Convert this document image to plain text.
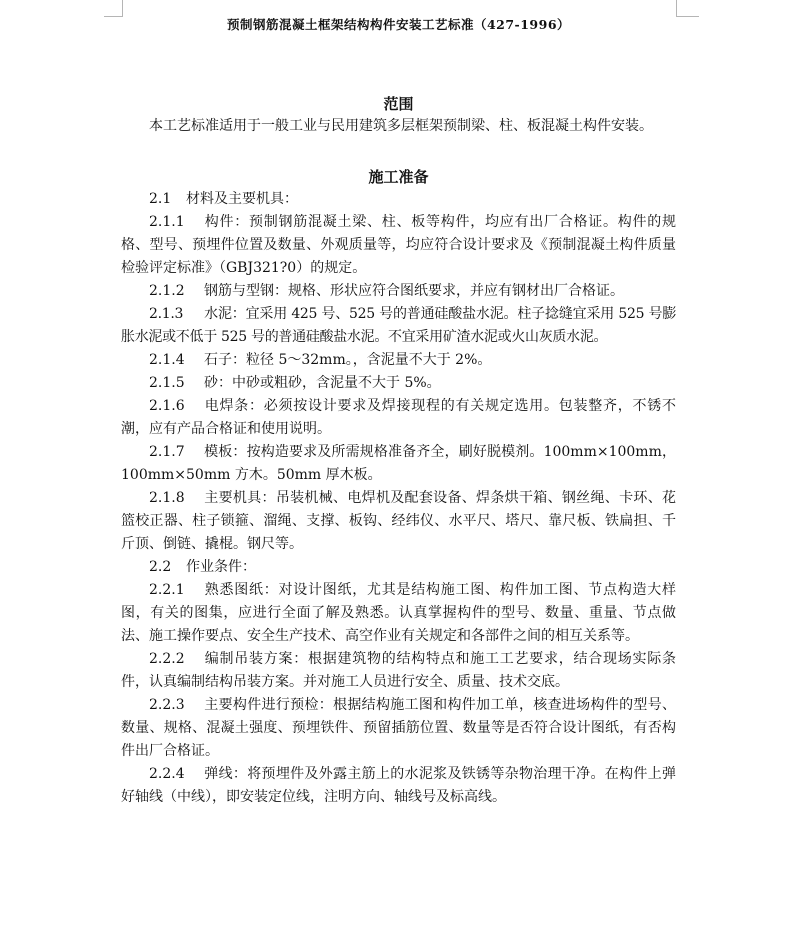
预制钢筋混凝土框架结构构件安装工艺标准（427-1996）
范围

本工艺标准适用于一般工业与民用建筑多层框架预制梁、柱、板混凝土构件安装。

施工准备

2.1 材料及主要机具：

2.1.1 构件：预制钢筋混凝土梁、柱、板等构件，均应有出厂合格证。构件的规格、型号、预埋件位置及数量、外观质量等，均应符合设计要求及《预制混凝土构件质量检验评定标准》（GBJ321?0）的规定。

2.1.2 钢筋与型钢：规格、形状应符合图纸要求，并应有钢材出厂合格证。

2.1.3 水泥：宜采用 425 号、525 号的普通硅酸盐水泥。柱子捻缝宜采用 525 号膨胀水泥或不低于 525 号的普通硅酸盐水泥。不宜采用矿渣水泥或火山灰质水泥。

2.1.4 石子：粒径 5～32mm。，含泥量不大于 2%。

2.1.5 砂：中砂或粗砂，含泥量不大于 5%。

2.1.6 电焊条：必须按设计要求及焊接现程的有关规定选用。包装整齐，不锈不潮，应有产品合格证和使用说明。

2.1.7 模板：按构造要求及所需规格准备齐全，刷好脱模剂。100mm×100mm，100mm×50mm 方木。50mm 厚木板。

2.1.8 主要机具：吊装机械、电焊机及配套设备、焊条烘干箱、钢丝绳、卡环、花篮校正器、柱子锁箍、溜绳、支撑、板钩、经纬仪、水平尺、塔尺、靠尺板、铁扁担、千斤顶、倒链、撬棍。钢尺等。

2.2 作业条件：

2.2.1 熟悉图纸：对设计图纸，尤其是结构施工图、构件加工图、节点构造大样图，有关的图集，应进行全面了解及熟悉。认真掌握构件的型号、数量、重量、节点做法、施工操作要点、安全生产技术、高空作业有关规定和各部件之间的相互关系等。

2.2.2 编制吊装方案：根据建筑物的结构特点和施工工艺要求，结合现场实际条件，认真编制结构吊装方案。并对施工人员进行安全、质量、技术交底。

2.2.3 主要构件进行预检：根据结构施工图和构件加工单，核查进场构件的型号、数量、规格、混凝土强度、预埋铁件、预留插筋位置、数量等是否符合设计图纸，有否构件出厂合格证。

2.2.4 弹线：将预埋件及外露主筋上的水泥浆及铁锈等杂物治理干净。在构件上弹好轴线（中线），即安装定位线，注明方向、轴线号及标高线。
